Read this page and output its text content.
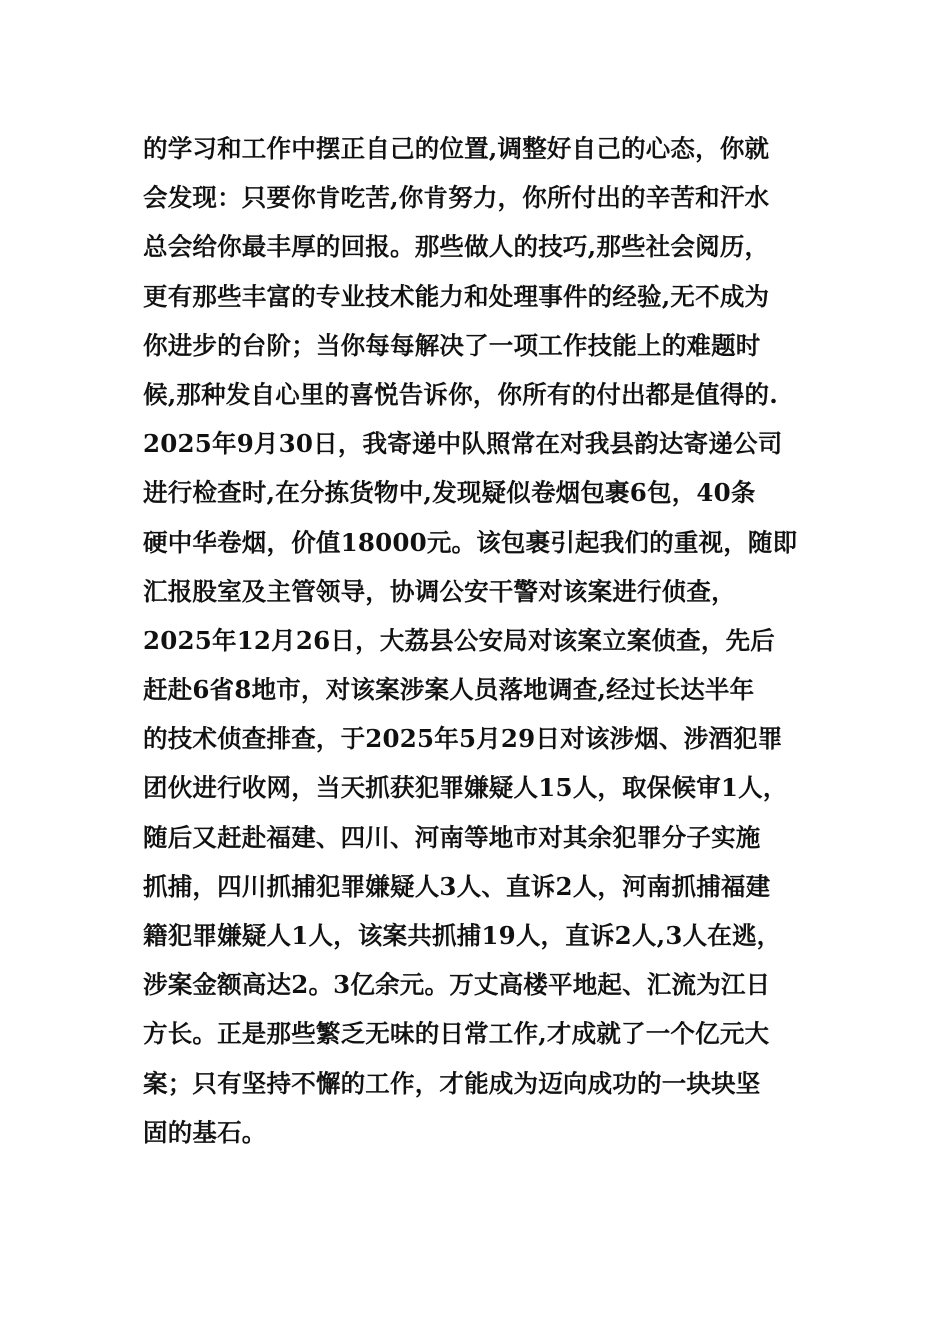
的学习和工作中摆正自己的位置,调整好自己的心态，你就
会发现：只要你肯吃苦,你肯努力，你所付出的辛苦和汗水
总会给你最丰厚的回报。那些做人的技巧,那些社会阅历，
更有那些丰富的专业技术能力和处理事件的经验,无不成为
你进步的台阶；当你每每解决了一项工作技能上的难题时
候,那种发自心里的喜悦告诉你，你所有的付出都是值得的.
2025年9月30日，我寄递中队照常在对我县韵达寄递公司
进行检查时,在分拣货物中,发现疑似卷烟包裹6包，40条
硬中华卷烟，价值18000元。该包裹引起我们的重视，随即
汇报股室及主管领导，协调公安干警对该案进行侦查，
2025年12月26日，大荔县公安局对该案立案侦查，先后
赶赴6省8地市，对该案涉案人员落地调查,经过长达半年
的技术侦查排查，于2025年5月29日对该涉烟、涉酒犯罪
团伙进行收网，当天抓获犯罪嫌疑人15人，取保候审1人，
随后又赶赴福建、四川、河南等地市对其余犯罪分子实施
抓捕，四川抓捕犯罪嫌疑人3人、直诉2人，河南抓捕福建
籍犯罪嫌疑人1人，该案共抓捕19人，直诉2人,3人在逃，
涉案金额高达2。3亿余元。万丈高楼平地起、汇流为江日
方长。正是那些繁乏无味的日常工作,才成就了一个亿元大
案；只有坚持不懈的工作，才能成为迈向成功的一块块坚
固的基石。
